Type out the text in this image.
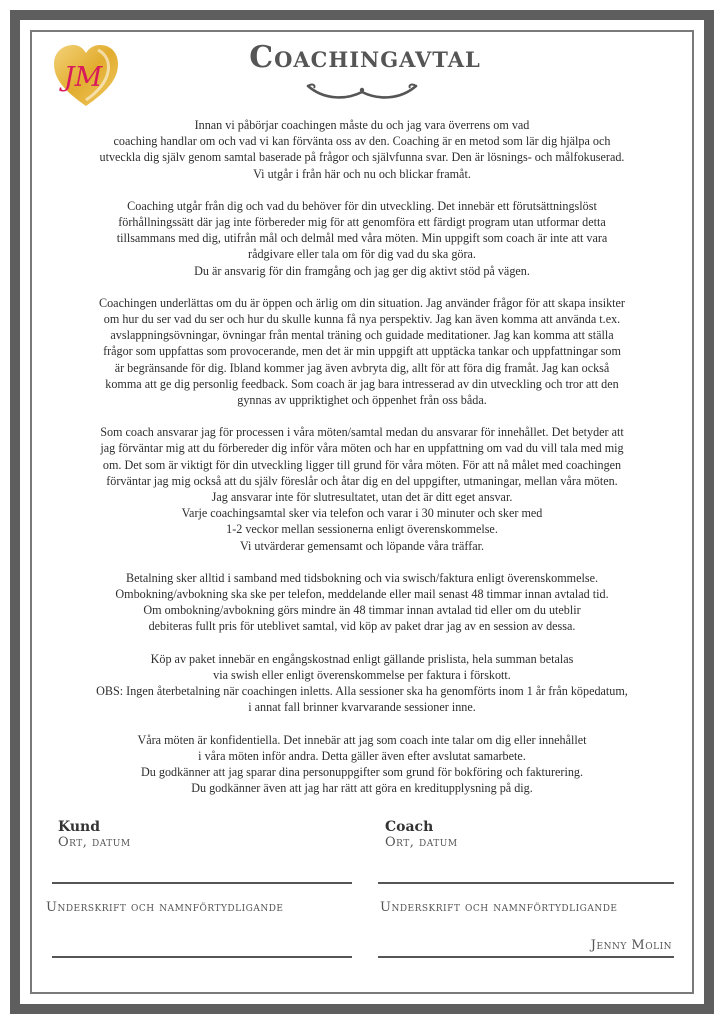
JM
Coachingavtal

Innan vi påbörjar coachingen måste du och jag vara överrens om vad
coaching handlar om och vad vi kan förvänta oss av den. Coaching är en metod som lär dig hjälpa och
utveckla dig själv genom samtal baserade på frågor och självfunna svar. Den är lösnings- och målfokuserad.
Vi utgår i från här och nu och blickar framåt.

Coaching utgår från dig och vad du behöver för din utveckling. Det innebär ett förutsättningslöst
förhållningssätt där jag inte förbereder mig för att genomföra ett färdigt program utan utformar detta
tillsammans med dig, utifrån mål och delmål med våra möten. Min uppgift som coach är inte att vara
rådgivare eller tala om för dig vad du ska göra.
Du är ansvarig för din framgång och jag ger dig aktivt stöd på vägen.

Coachingen underlättas om du är öppen och ärlig om din situation. Jag använder frågor för att skapa insikter
om hur du ser vad du ser och hur du skulle kunna få nya perspektiv. Jag kan även komma att använda t.ex.
avslappningsövningar, övningar från mental träning och guidade meditationer. Jag kan komma att ställa
frågor som uppfattas som provocerande, men det är min uppgift att upptäcka tankar och uppfattningar som
är begränsande för dig. Ibland kommer jag även avbryta dig, allt för att föra dig framåt. Jag kan också
komma att ge dig personlig feedback. Som coach är jag bara intresserad av din utveckling och tror att den
gynnas av uppriktighet och öppenhet från oss båda.

Som coach ansvarar jag för processen i våra möten/samtal medan du ansvarar för innehållet. Det betyder att
jag förväntar mig att du förbereder dig inför våra möten och har en uppfattning om vad du vill tala med mig
om. Det som är viktigt för din utveckling ligger till grund för våra möten. För att nå målet med coachingen
förväntar jag mig också att du själv föreslår och åtar dig en del uppgifter, utmaningar, mellan våra möten.
Jag ansvarar inte för slutresultatet, utan det är ditt eget ansvar.
Varje coachingsamtal sker via telefon och varar i 30 minuter och sker med
1-2 veckor mellan sessionerna enligt överenskommelse.
Vi utvärderar gemensamt och löpande våra träffar.

Betalning sker alltid i samband med tidsbokning och via swisch/faktura enligt överenskommelse.
Ombokning/avbokning ska ske per telefon, meddelande eller mail senast 48 timmar innan avtalad tid.
Om ombokning/avbokning görs mindre än 48 timmar innan avtalad tid eller om du uteblir
debiteras fullt pris för uteblivet samtal, vid köp av paket drar jag av en session av dessa.

Köp av paket innebär en engångskostnad enligt gällande prislista, hela summan betalas
via swish eller enligt överenskommelse per faktura i förskott.
OBS: Ingen återbetalning när coachingen inletts. Alla sessioner ska ha genomförts inom 1 år från köpedatum,
i annat fall brinner kvarvarande sessioner inne.

Våra möten är konfidentiella. Det innebär att jag som coach inte talar om dig eller innehållet
i våra möten inför andra. Detta gäller även efter avslutat samarbete.
Du godkänner att jag sparar dina personuppgifter som grund för bokföring och fakturering.
Du godkänner även att jag har rätt att göra en kreditupplysning på dig.

Kund
Ort, datum
Underskrift och namnförtydligande
Coach
Ort, datum
Underskrift och namnförtydligande
Jenny Molin
